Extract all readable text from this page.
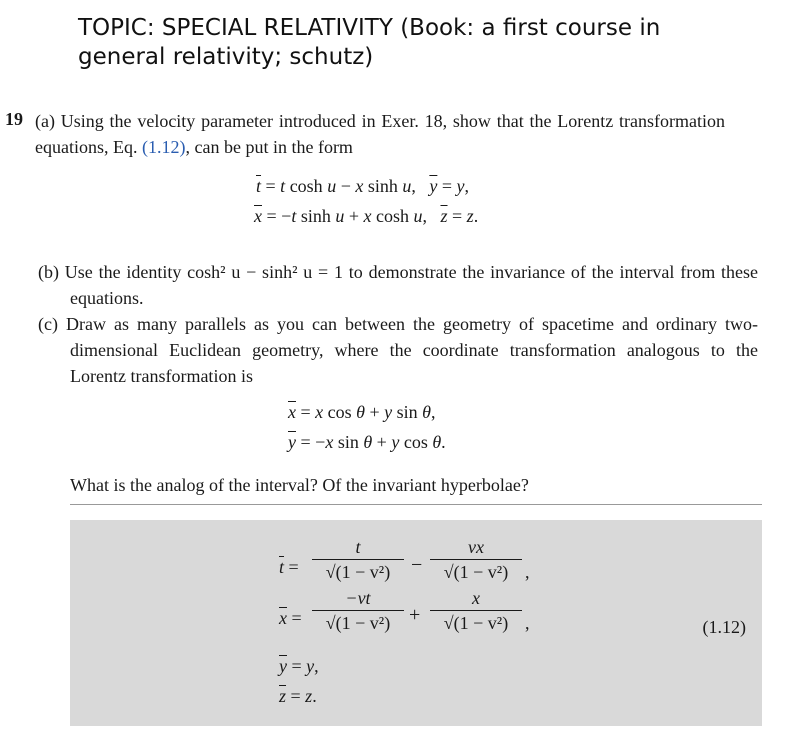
TOPIC: SPECIAL RELATIVITY (Book: a first course in
general relativity; schutz)
19 (a) Using the velocity parameter introduced in Exer. 18, show that the Lorentz transformation equations, Eq. (1.12), can be put in the form
$\overline{t} = t$ cosh u − x sinh u, $\overline{y} = y$,
$\overline{x} = -t$ sinh u + x cosh u, $\overline{z} = z$.
(b) Use the identity cosh² u − sinh² u = 1 to demonstrate the invariance of the interval from these equations.
(c) Draw as many parallels as you can between the geometry of spacetime and ordinary two-dimensional Euclidean geometry, where the coordinate transformation analogous to the Lorentz transformation is
$\overline{x} = x$ cos θ + y sin θ,
$\overline{y} = -x$ sin θ + y cos θ.
What is the analog of the interval? Of the invariant hyperbolae?
$\overline{t}$ =
t
√(1 − v²) −
vx
√(1 − v²) ,
$\overline{x}$ =
−vt
√(1 − v²) +
x
√(1 − v²) ,	(1.12)
$\overline{y} = y$,
$\overline{z} = z$.
